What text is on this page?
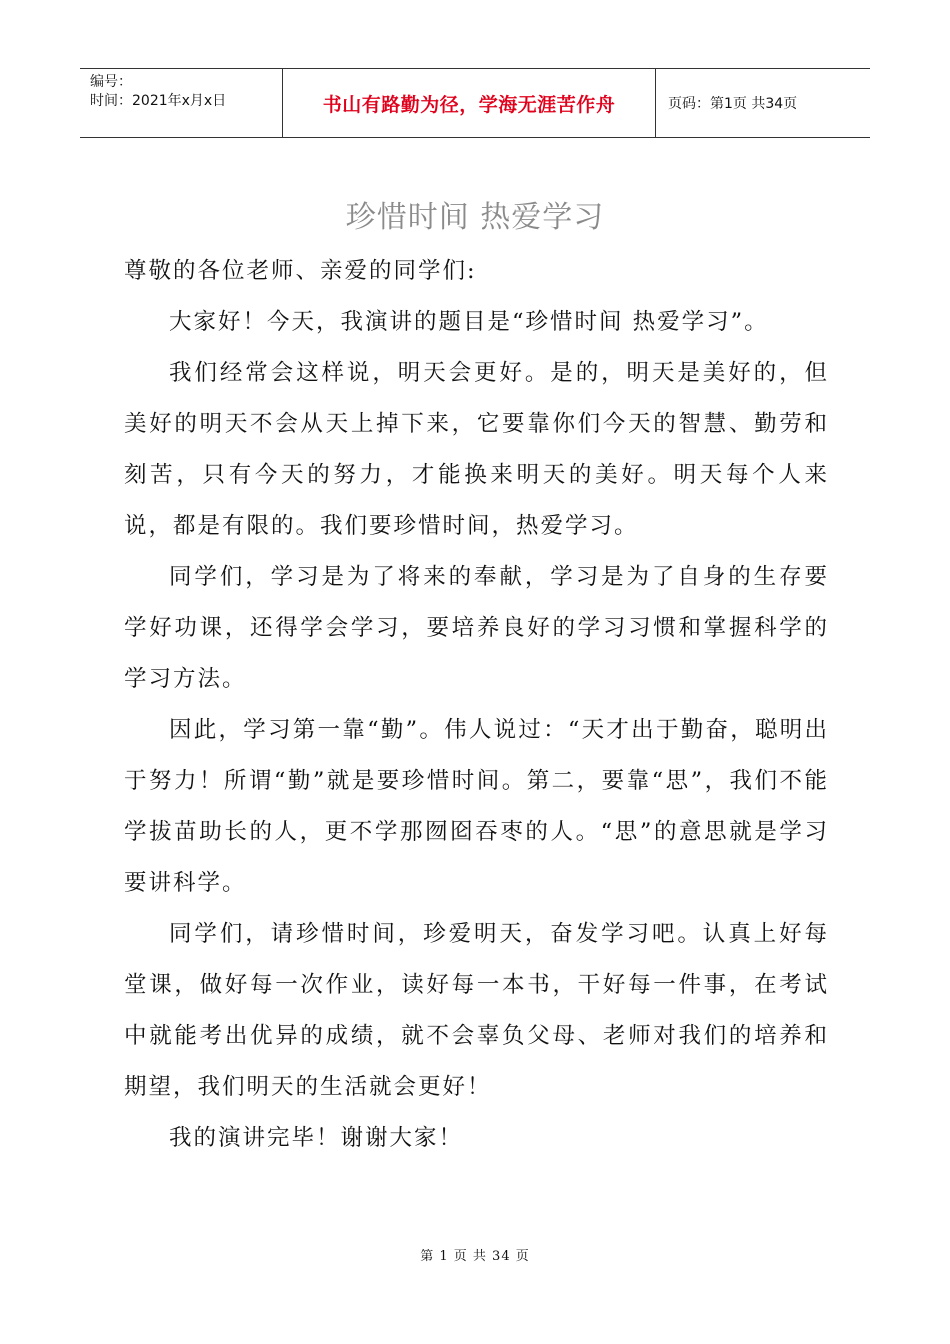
编号：
时间：2021年x月x日	书山有路勤为径，学海无涯苦作舟	页码：第1页 共34页
珍惜时间 热爱学习

尊敬的各位老师、亲爱的同学们:

大家好！今天，我演讲的题目是“珍惜时间 热爱学习”。

我们经常会这样说，明天会更好。是的，明天是美好的，但美好的明天不会从天上掉下来，它要靠你们今天的智慧、勤劳和刻苦，只有今天的努力，才能换来明天的美好。明天每个人来说，都是有限的。我们要珍惜时间，热爱学习。

同学们，学习是为了将来的奉献，学习是为了自身的生存要学好功课，还得学会学习，要培养良好的学习习惯和掌握科学的学习方法。

因此，学习第一靠“勤”。伟人说过：“天才出于勤奋，聪明出于努力！所谓“勤”就是要珍惜时间。第二，要靠“思”，我们不能学拔苗助长的人，更不学那囫囵吞枣的人。“思”的意思就是学习要讲科学。

同学们，请珍惜时间，珍爱明天，奋发学习吧。认真上好每堂课，做好每一次作业，读好每一本书，干好每一件事，在考试中就能考出优异的成绩，就不会辜负父母、老师对我们的培养和期望，我们明天的生活就会更好！

我的演讲完毕！谢谢大家！

第 1 页 共 34 页
